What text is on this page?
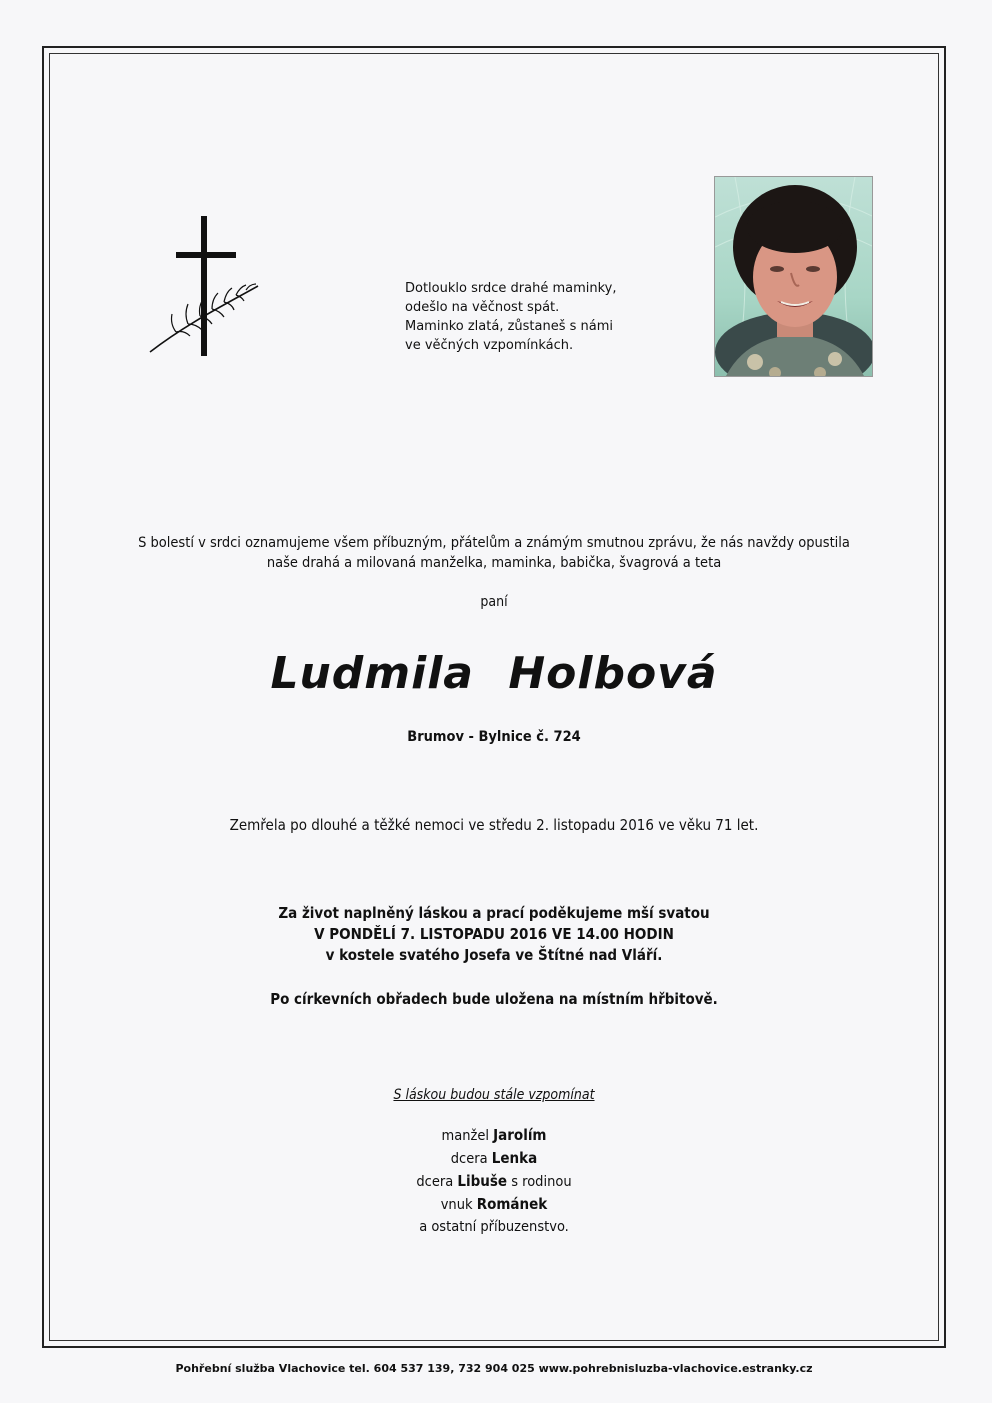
Dotlouklo srdce drahé maminky,
odešlo na věčnost spát.
Maminko zlatá, zůstaneš s námi
ve věčných vzpomínkách.
S bolestí v srdci oznamujeme všem příbuzným, přátelům a známým smutnou zprávu, že nás navždy opustila
naše drahá a milovaná manželka, maminka, babička, švagrová a teta
paní
Ludmila Holbová
Brumov - Bylnice č. 724
Zemřela po dlouhé a těžké nemoci ve středu 2. listopadu 2016 ve věku 71 let.
Za život naplněný láskou a prací poděkujeme mší svatou
V PONDĚLÍ 7. LISTOPADU 2016 VE 14.00 HODIN
v kostele svatého Josefa ve Štítné nad Vláří.
Po církevních obřadech bude uložena na místním hřbitově.
S láskou budou stále vzpomínat
manžel Jarolím
dcera Lenka
dcera Libuše s rodinou
vnuk Románek
a ostatní příbuzenstvo.
Pohřební služba Vlachovice tel. 604 537 139, 732 904 025 www.pohrebnisluzba-vlachovice.estranky.cz
